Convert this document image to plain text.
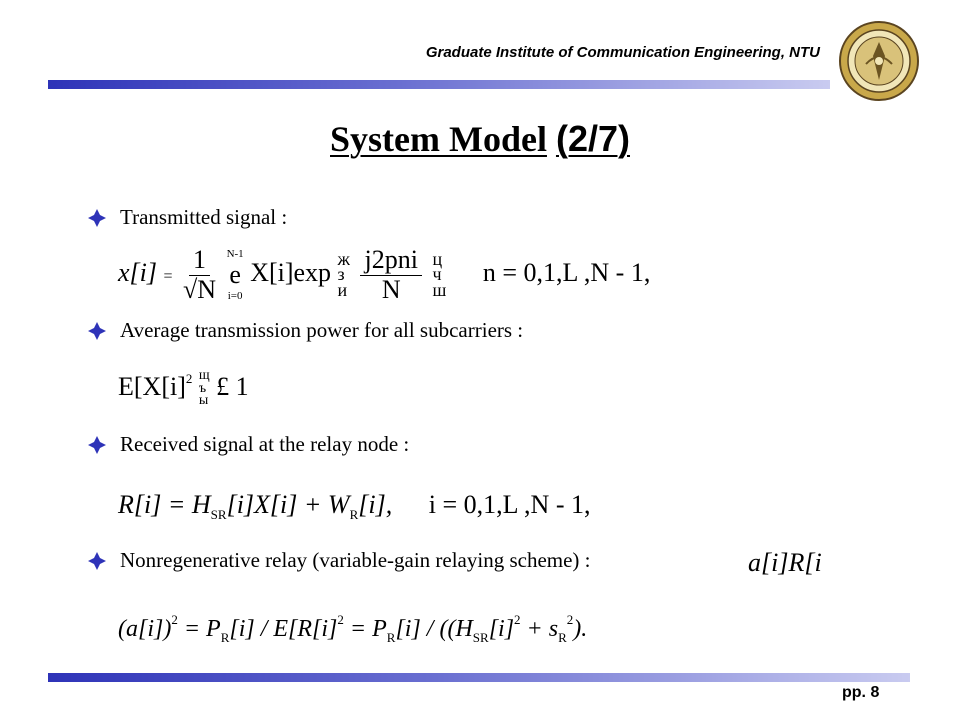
Graduate Institute of Communication Engineering, NTU
System Model (2/7)
Transmitted signal :
$x[i] = \frac{1}{√N}$
N-1
e
i=0
X[i]exp ж
з
и
$\frac{\text{j2pni}}{N}$
ц
ч
ш
n = 0,1,L ,N - 1,
Average transmission power for all subcarriers :
$E[X[i]^2$ щ
ъ
ы £ 1
Received signal at the relay node :
$R[i] = H_{SR}[i]X[i] + W_R[i]$, i = 0,1,L ,N - 1,
Nonregenerative relay (variable-gain relaying scheme) :	a[i]R[i
$(a[i])^2 = P_R[i] / E[R[i]^2 = P_R[i] / ((H_{SR}[i]^2 + s_R^2)$.
pp. 8
